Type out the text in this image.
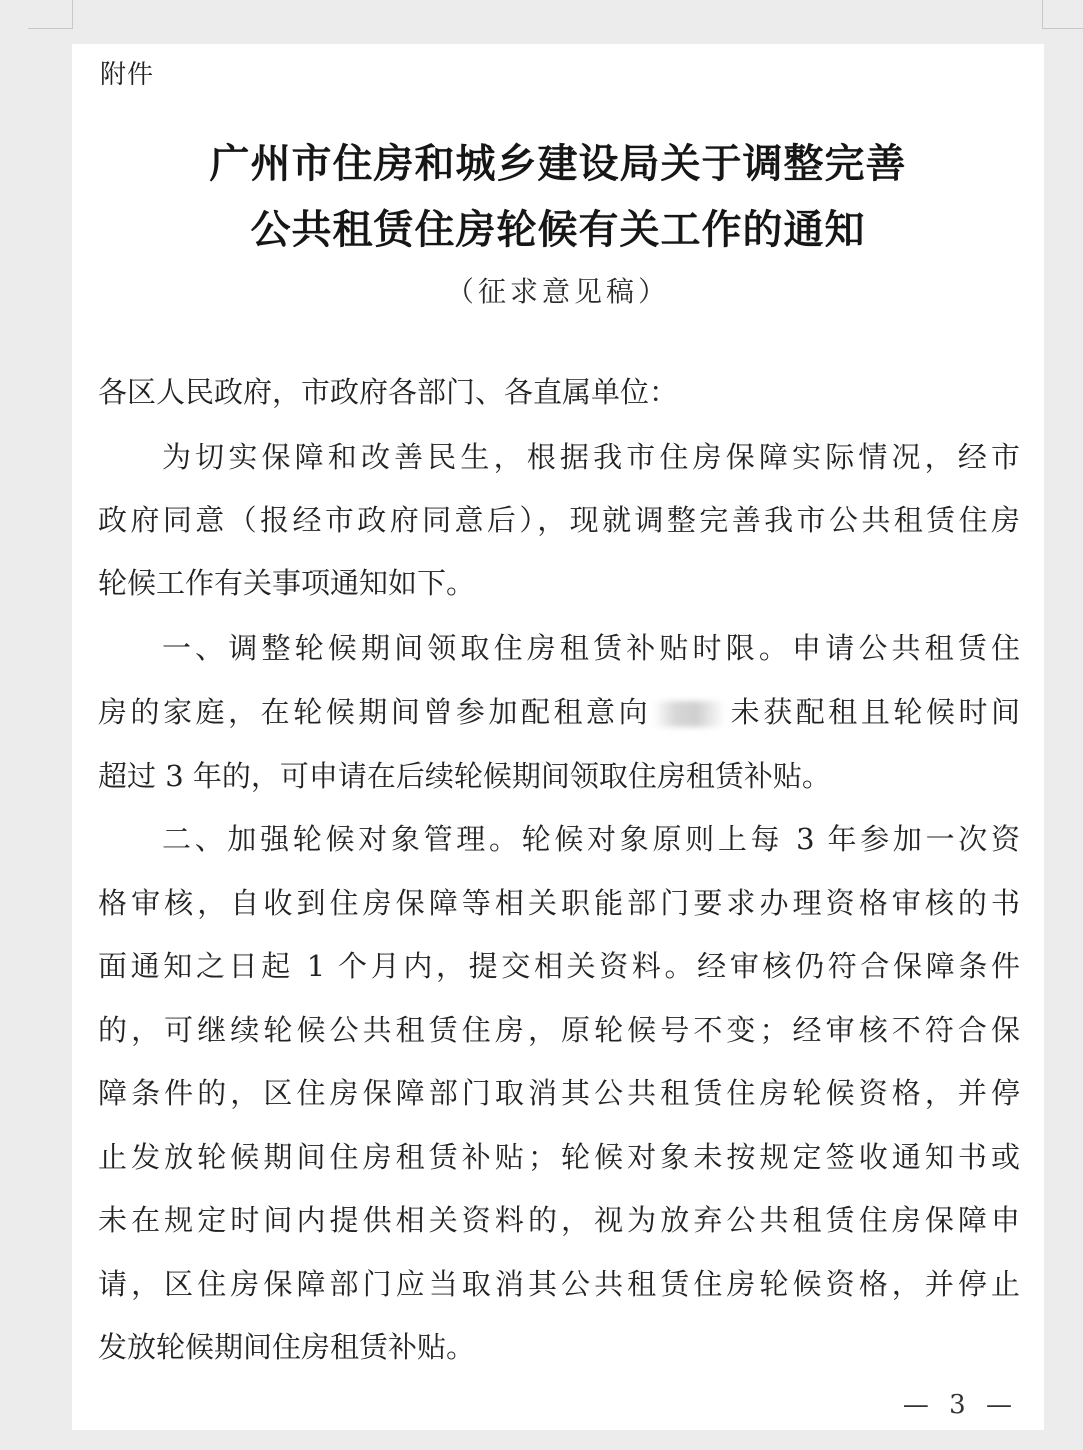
附件
广州市住房和城乡建设局关于调整完善
公共租赁住房轮候有关工作的通知
（征求意见稿）
各区人民政府，市政府各部门、各直属单位：
为切实保障和改善民生，根据我市住房保障实际情况，经市
政府同意（报经市政府同意后），现就调整完善我市公共租赁住房
轮候工作有关事项通知如下。
一、调整轮候期间领取住房租赁补贴时限。申请公共租赁住
房的家庭，在轮候期间曾参加配租意向	未获配租且轮候时间
超过 3 年的，可申请在后续轮候期间领取住房租赁补贴。
二、加强轮候对象管理。轮候对象原则上每 3 年参加一次资
格审核，自收到住房保障等相关职能部门要求办理资格审核的书
面通知之日起 1 个月内，提交相关资料。经审核仍符合保障条件
的，可继续轮候公共租赁住房，原轮候号不变；经审核不符合保
障条件的，区住房保障部门取消其公共租赁住房轮候资格，并停
止发放轮候期间住房租赁补贴；轮候对象未按规定签收通知书或
未在规定时间内提供相关资料的，视为放弃公共租赁住房保障申
请，区住房保障部门应当取消其公共租赁住房轮候资格，并停止
发放轮候期间住房租赁补贴。
— 3 —
